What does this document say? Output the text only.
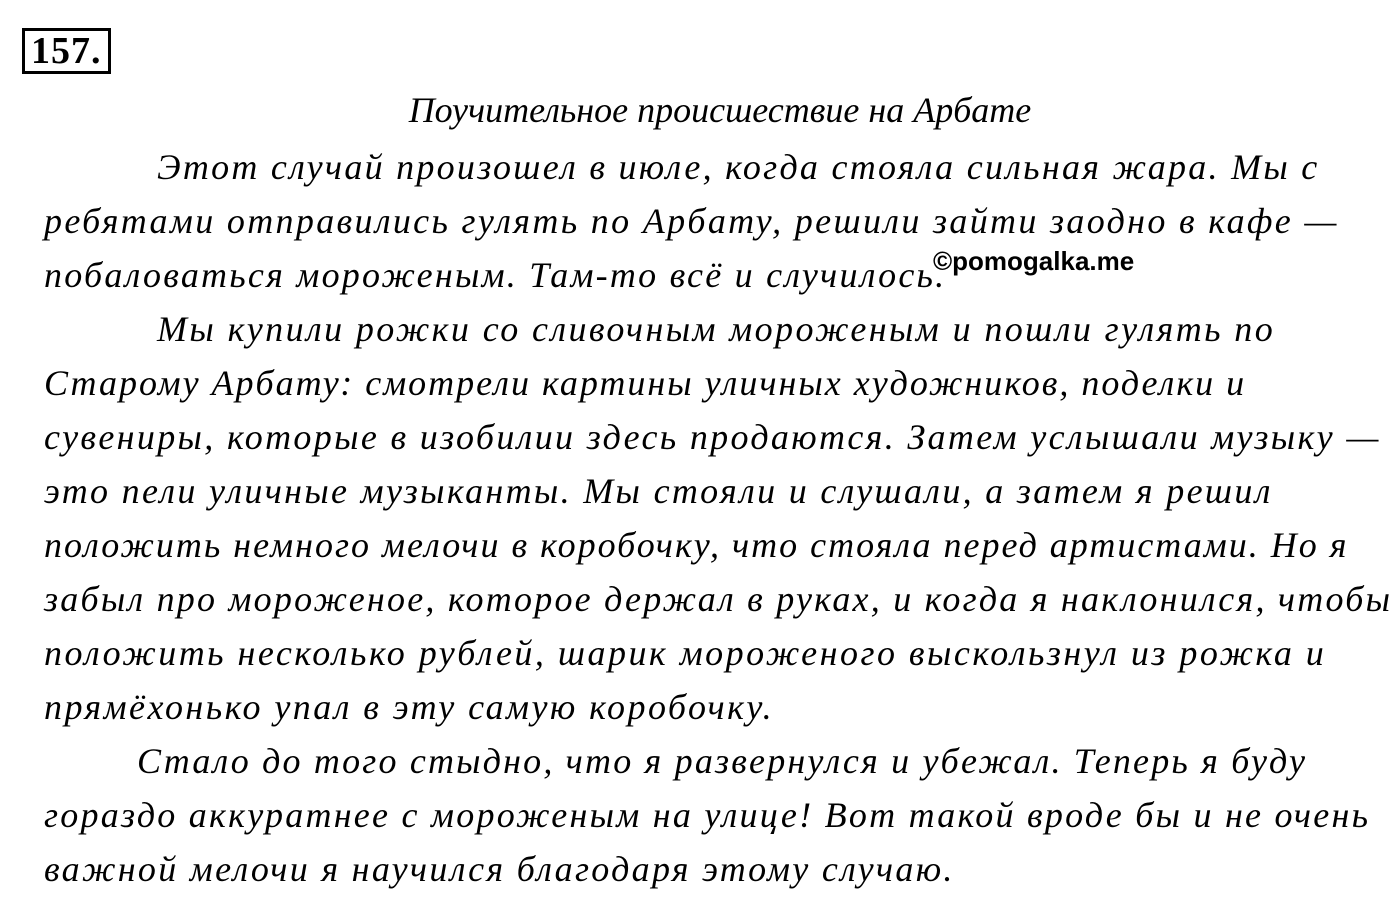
157.
Поучительное происшествие на Арбате
Этот случай произошел в июле, когда стояла сильная жара. Мы с
ребятами отправились гулять по Арбату, решили зайти заодно в кафе —
побаловаться мороженым. Там-то всё и случилось.
Мы купили рожки со сливочным мороженым и пошли гулять по
Старому Арбату: смотрели картины уличных художников, поделки и
сувениры, которые в изобилии здесь продаются. Затем услышали музыку —
это пели уличные музыканты. Мы стояли и слушали, а затем я решил
положить немного мелочи в коробочку, что стояла перед артистами. Но я
забыл про мороженое, которое держал в руках, и когда я наклонился, чтобы
положить несколько рублей, шарик мороженого выскользнул из рожка и
прямёхонько упал в эту самую коробочку.
Стало до того стыдно, что я развернулся и убежал. Теперь я буду
гораздо аккуратнее с мороженым на улице! Вот такой вроде бы и не очень
важной мелочи я научился благодаря этому случаю.
©pomogalka.me
